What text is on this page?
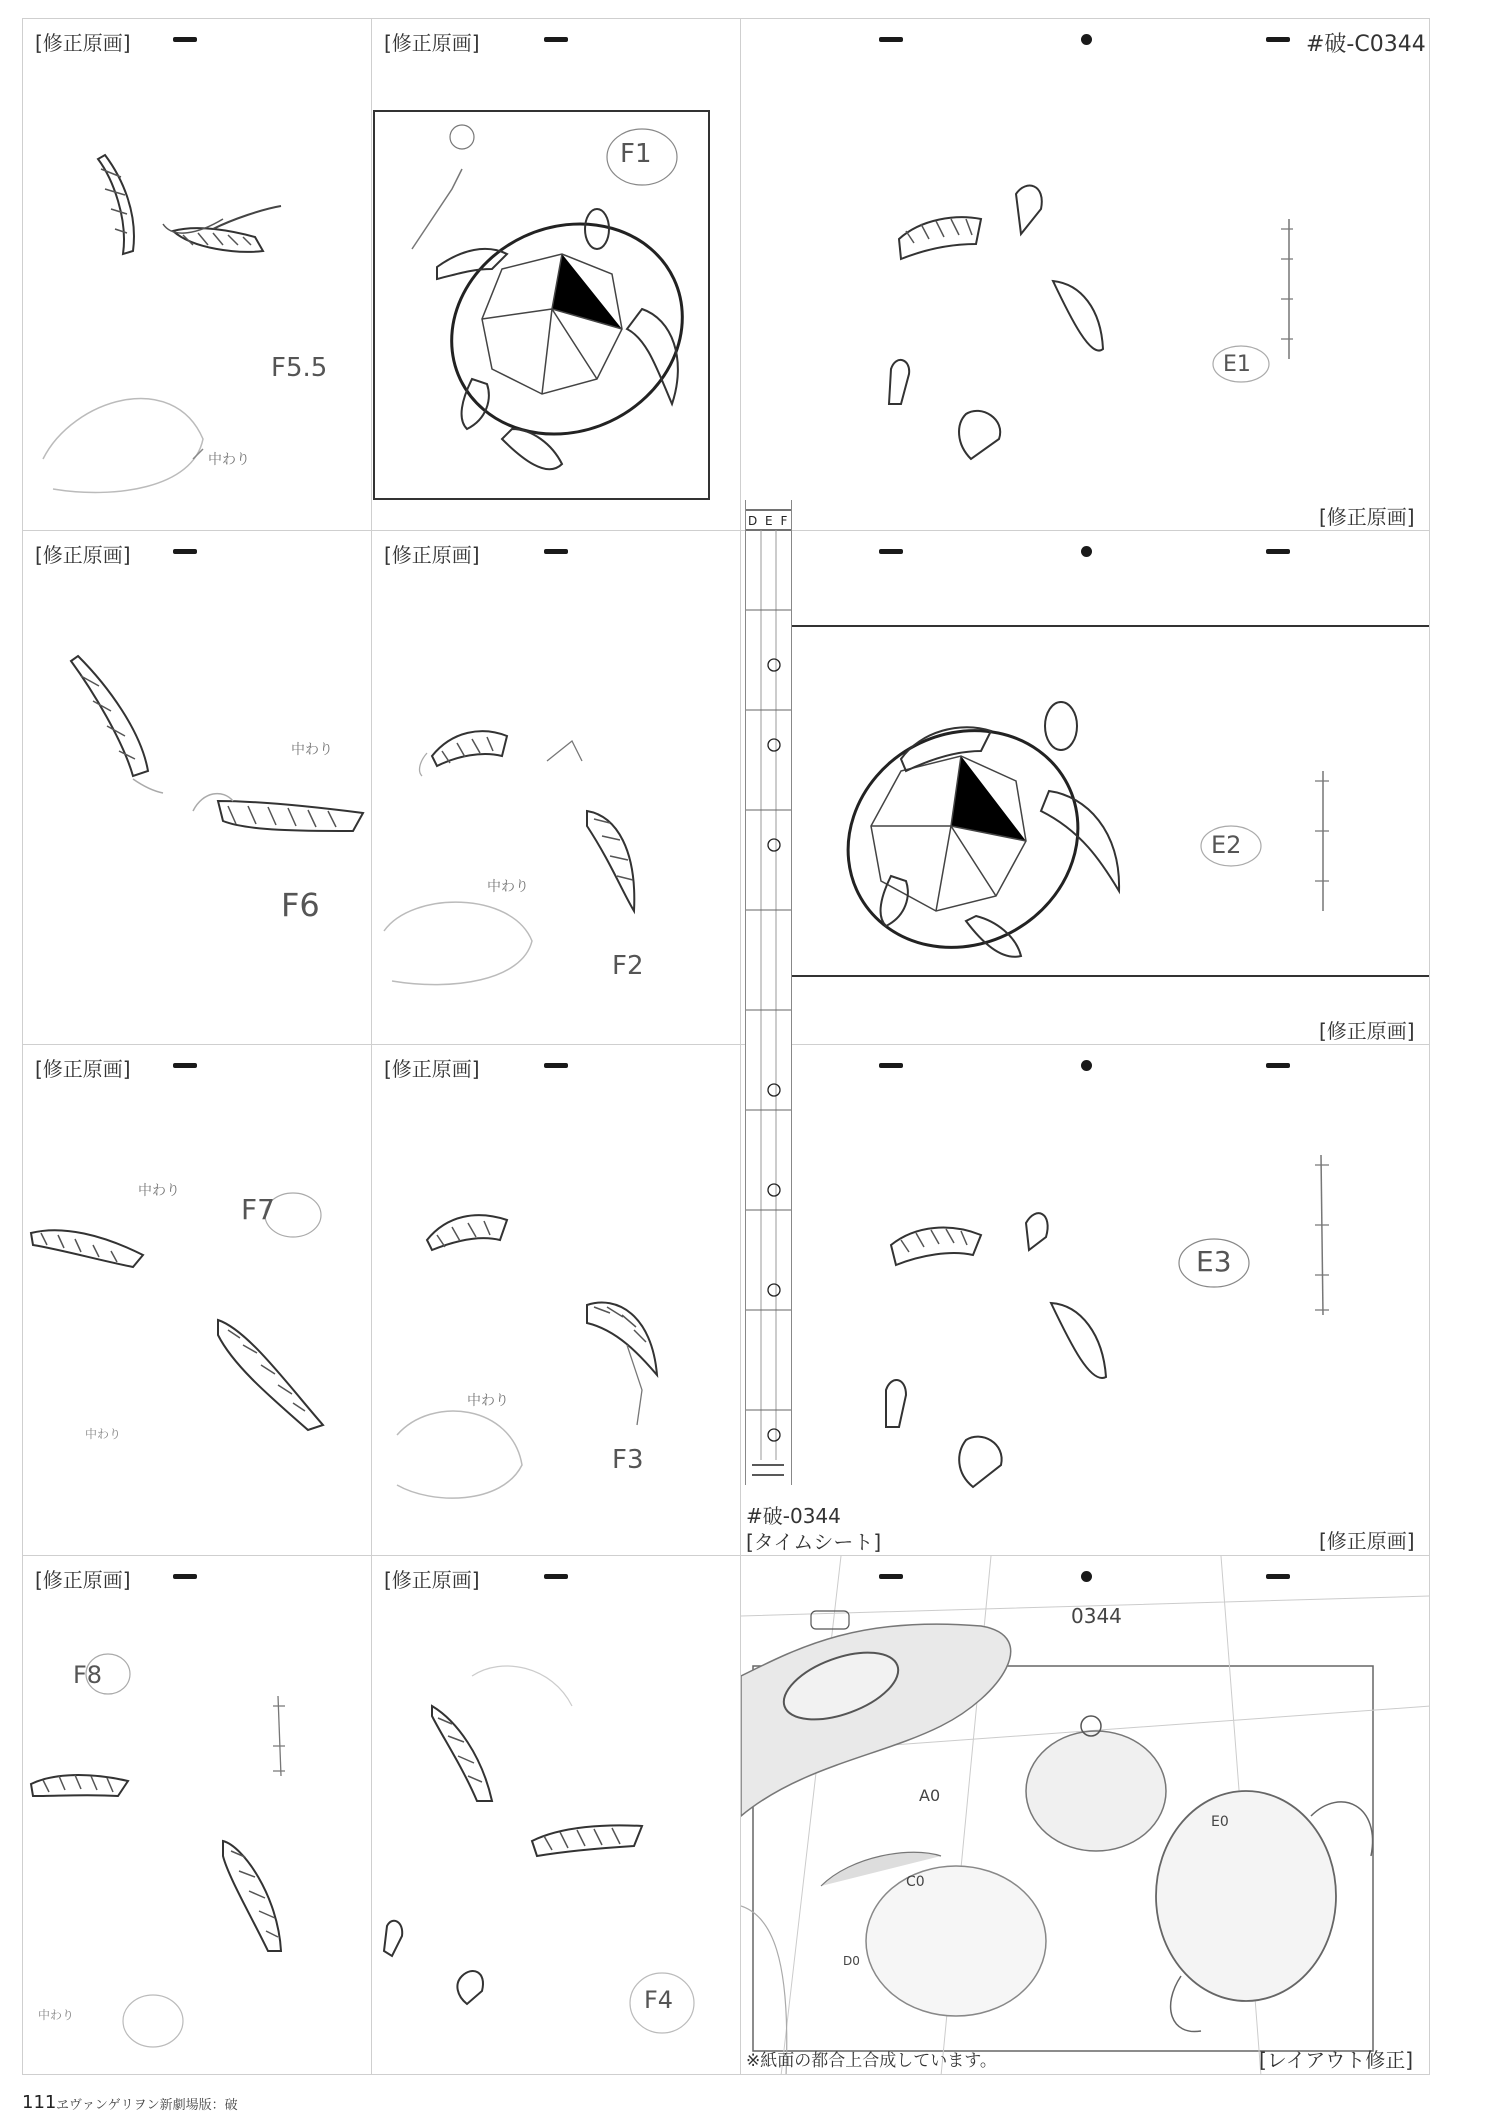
[修正原画]
F5.5
中わり
[修正原画]
F1
#破-C0344
E1
[修正原画]
[修正原画]
中わり
F6
[修正原画]
中わり
F2
E2
[修正原画]
[修正原画]
中わり
F7
中わり
[修正原画]
中わり
F3
E3
[修正原画]
[修正原画]
F8
中わり
[修正原画]
F4
0344
A0
E0
C0
D0
※紙面の都合上合成しています。	[レイアウト修正]
D E F
#破-0344
[タイムシート]
111 ヱヴァンゲリヲン新劇場版：破
